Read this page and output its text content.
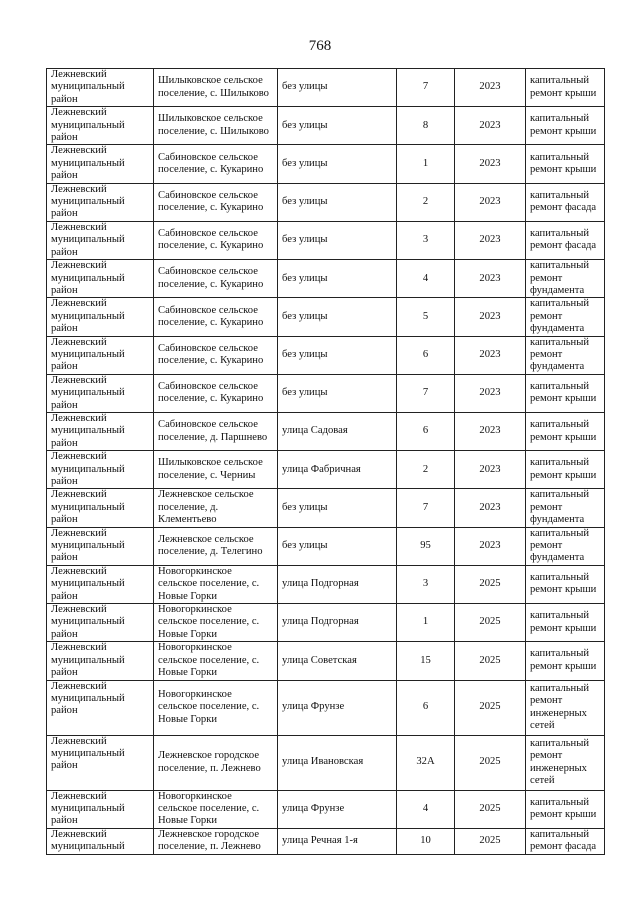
768
Лежневский муниципальный район	Шилыковское сельское поселение, с. Шилыково	без улицы	7	2023	капитальный ремонт крыши
Лежневский муниципальный район	Шилыковское сельское поселение, с. Шилыково	без улицы	8	2023	капитальный ремонт крыши
Лежневский муниципальный район	Сабиновское сельское поселение, с. Кукарино	без улицы	1	2023	капитальный ремонт крыши
Лежневский муниципальный район	Сабиновское сельское поселение, с. Кукарино	без улицы	2	2023	капитальный ремонт фасада
Лежневский муниципальный район	Сабиновское сельское поселение, с. Кукарино	без улицы	3	2023	капитальный ремонт фасада
Лежневский муниципальный район	Сабиновское сельское поселение, с. Кукарино	без улицы	4	2023	капитальный ремонт фундамента
Лежневский муниципальный район	Сабиновское сельское поселение, с. Кукарино	без улицы	5	2023	капитальный ремонт фундамента
Лежневский муниципальный район	Сабиновское сельское поселение, с. Кукарино	без улицы	6	2023	капитальный ремонт фундамента
Лежневский муниципальный район	Сабиновское сельское поселение, с. Кукарино	без улицы	7	2023	капитальный ремонт крыши
Лежневский муниципальный район	Сабиновское сельское поселение, д. Паршнево	улица Садовая	6	2023	капитальный ремонт крыши
Лежневский муниципальный район	Шилыковское сельское поселение, с. Черниы	улица Фабричная	2	2023	капитальный ремонт крыши
Лежневский муниципальный район	Лежневское сельское поселение, д. Клементьево	без улицы	7	2023	капитальный ремонт фундамента
Лежневский муниципальный район	Лежневское сельское поселение, д. Телегино	без улицы	95	2023	капитальный ремонт фундамента
Лежневский муниципальный район	Новогоркинское сельское поселение, с. Новые Горки	улица Подгорная	3	2025	капитальный ремонт крыши
Лежневский муниципальный район	Новогоркинское сельское поселение, с. Новые Горки	улица Подгорная	1	2025	капитальный ремонт крыши
Лежневский муниципальный район	Новогоркинское сельское поселение, с. Новые Горки	улица Советская	15	2025	капитальный ремонт крыши
Лежневский муниципальный район	Новогоркинское сельское поселение, с. Новые Горки	улица Фрунзе	6	2025	капитальный ремонт инженерных сетей
Лежневский муниципальный район	Лежневское городское поселение, п. Лежнево	улица Ивановская	32А	2025	капитальный ремонт инженерных сетей
Лежневский муниципальный район	Новогоркинское сельское поселение, с. Новые Горки	улица Фрунзе	4	2025	капитальный ремонт крыши
Лежневский муниципальный	Лежневское городское поселение, п. Лежнево	улица Речная 1-я	10	2025	капитальный ремонт фасада
